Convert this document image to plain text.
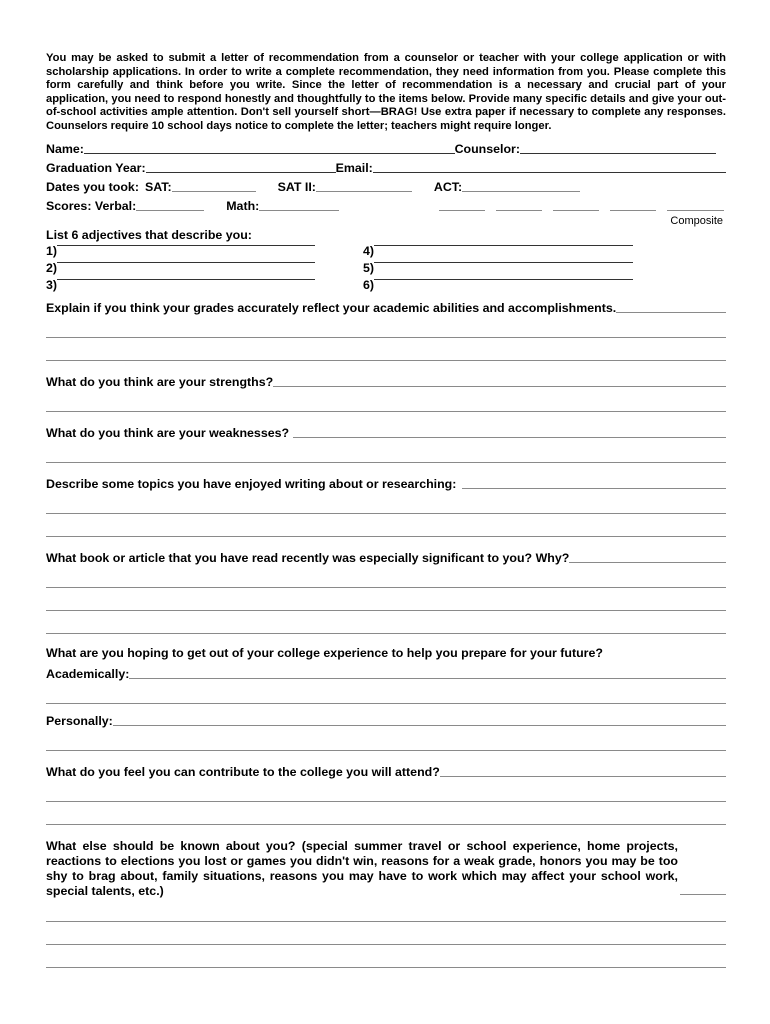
You may be asked to submit a letter of recommendation from a counselor or teacher with your college application or with scholarship applications. In order to write a complete recommendation, they need information from you. Please complete this form carefully and think before you write. Since the letter of recommendation is a necessary and crucial part of your application, you need to respond honestly and thoughtfully to the items below. Provide many specific details and give your out-of-school activities ample attention. Don't sell yourself short—BRAG! Use extra paper if necessary to complete any responses. Counselors require 10 school days notice to complete the letter; teachers might require longer.

Name:	Counselor:
Graduation Year:	Email:
Dates you took: SAT:	SAT II:	ACT:
Scores: Verbal:	Math:
Composite
List 6 adjectives that describe you:
1)
2)
3)
4)
5)
6)
Explain if you think your grades accurately reflect your academic abilities and accomplishments.
What do you think are your strengths?
What do you think are your weaknesses?
Describe some topics you have enjoyed writing about or researching:
What book or article that you have read recently was especially significant to you? Why?
What are you hoping to get out of your college experience to help you prepare for your future?
Academically:
Personally:
What do you feel you can contribute to the college you will attend?

What else should be known about you? (special summer travel or school experience, home projects, reactions to elections you lost or games you didn't win, reasons for a weak grade, honors you may be too shy to brag about, family situations, reasons you may have to work which may affect your school work, special talents, etc.)
